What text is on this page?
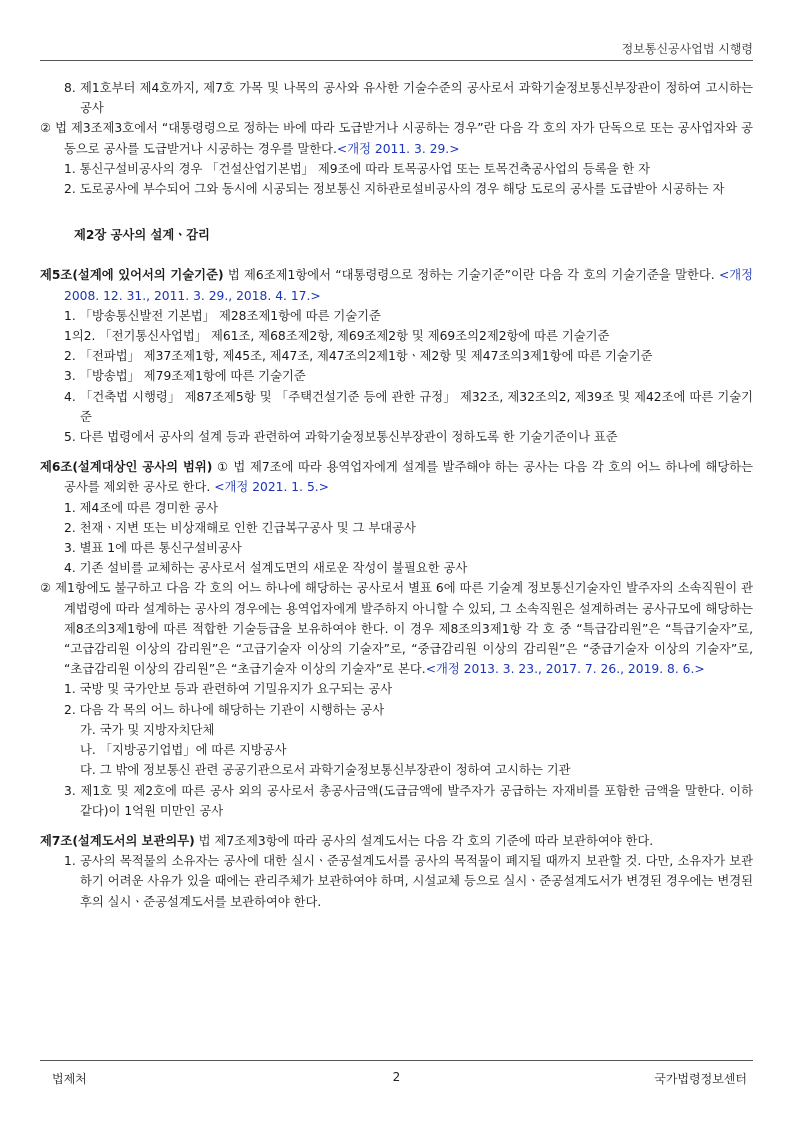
정보통신공사업법 시행령

8. 제1호부터 제4호까지, 제7호 가목 및 나목의 공사와 유사한 기술수준의 공사로서 과학기술정보통신부장관이 정하여 고시하는 공사

② 법 제3조제3호에서 “대통령령으로 정하는 바에 따라 도급받거나 시공하는 경우”란 다음 각 호의 자가 단독으로 또는 공사업자와 공동으로 공사를 도급받거나 시공하는 경우를 말한다.<개정 2011. 3. 29.>

1. 통신구설비공사의 경우 「건설산업기본법」 제9조에 따라 토목공사업 또는 토목건축공사업의 등록을 한 자

2. 도로공사에 부수되어 그와 동시에 시공되는 정보통신 지하관로설비공사의 경우 해당 도로의 공사를 도급받아 시공하는 자

제2장 공사의 설계ㆍ감리

제5조(설계에 있어서의 기술기준) 법 제6조제1항에서 “대통령령으로 정하는 기술기준”이란 다음 각 호의 기술기준을 말한다. <개정 2008. 12. 31., 2011. 3. 29., 2018. 4. 17.>

1. 「방송통신발전 기본법」 제28조제1항에 따른 기술기준

1의2. 「전기통신사업법」 제61조, 제68조제2항, 제69조제2항 및 제69조의2제2항에 따른 기술기준

2. 「전파법」 제37조제1항, 제45조, 제47조, 제47조의2제1항ㆍ제2항 및 제47조의3제1항에 따른 기술기준

3. 「방송법」 제79조제1항에 따른 기술기준

4. 「건축법 시행령」 제87조제5항 및 「주택건설기준 등에 관한 규정」 제32조, 제32조의2, 제39조 및 제42조에 따른 기술기준

5. 다른 법령에서 공사의 설계 등과 관련하여 과학기술정보통신부장관이 정하도록 한 기술기준이나 표준

제6조(설계대상인 공사의 범위) ① 법 제7조에 따라 용역업자에게 설계를 발주해야 하는 공사는 다음 각 호의 어느 하나에 해당하는 공사를 제외한 공사로 한다. <개정 2021. 1. 5.>

1. 제4조에 따른 경미한 공사

2. 천재ㆍ지변 또는 비상재해로 인한 긴급복구공사 및 그 부대공사

3. 별표 1에 따른 통신구설비공사

4. 기존 설비를 교체하는 공사로서 설계도면의 새로운 작성이 불필요한 공사

② 제1항에도 불구하고 다음 각 호의 어느 하나에 해당하는 공사로서 별표 6에 따른 기술계 정보통신기술자인 발주자의 소속직원이 관계법령에 따라 설계하는 공사의 경우에는 용역업자에게 발주하지 아니할 수 있되, 그 소속직원은 설계하려는 공사규모에 해당하는 제8조의3제1항에 따른 적합한 기술등급을 보유하여야 한다. 이 경우 제8조의3제1항 각 호 중 “특급감리원”은 “특급기술자”로, “고급감리원 이상의 감리원”은 “고급기술자 이상의 기술자”로, “중급감리원 이상의 감리원”은 “중급기술자 이상의 기술자”로, “초급감리원 이상의 감리원”은 “초급기술자 이상의 기술자”로 본다.<개정 2013. 3. 23., 2017. 7. 26., 2019. 8. 6.>

1. 국방 및 국가안보 등과 관련하여 기밀유지가 요구되는 공사

2. 다음 각 목의 어느 하나에 해당하는 기관이 시행하는 공사

가. 국가 및 지방자치단체

나. 「지방공기업법」에 따른 지방공사

다. 그 밖에 정보통신 관련 공공기관으로서 과학기술정보통신부장관이 정하여 고시하는 기관

3. 제1호 및 제2호에 따른 공사 외의 공사로서 총공사금액(도급금액에 발주자가 공급하는 자재비를 포함한 금액을 말한다. 이하 같다)이 1억원 미만인 공사

제7조(설계도서의 보관의무) 법 제7조제3항에 따라 공사의 설계도서는 다음 각 호의 기준에 따라 보관하여야 한다.

1. 공사의 목적물의 소유자는 공사에 대한 실시ㆍ준공설계도서를 공사의 목적물이 폐지될 때까지 보관할 것. 다만, 소유자가 보관하기 어려운 사유가 있을 때에는 관리주체가 보관하여야 하며, 시설교체 등으로 실시ㆍ준공설계도서가 변경된 경우에는 변경된 후의 실시ㆍ준공설계도서를 보관하여야 한다.

법제처	2	국가법령정보센터
